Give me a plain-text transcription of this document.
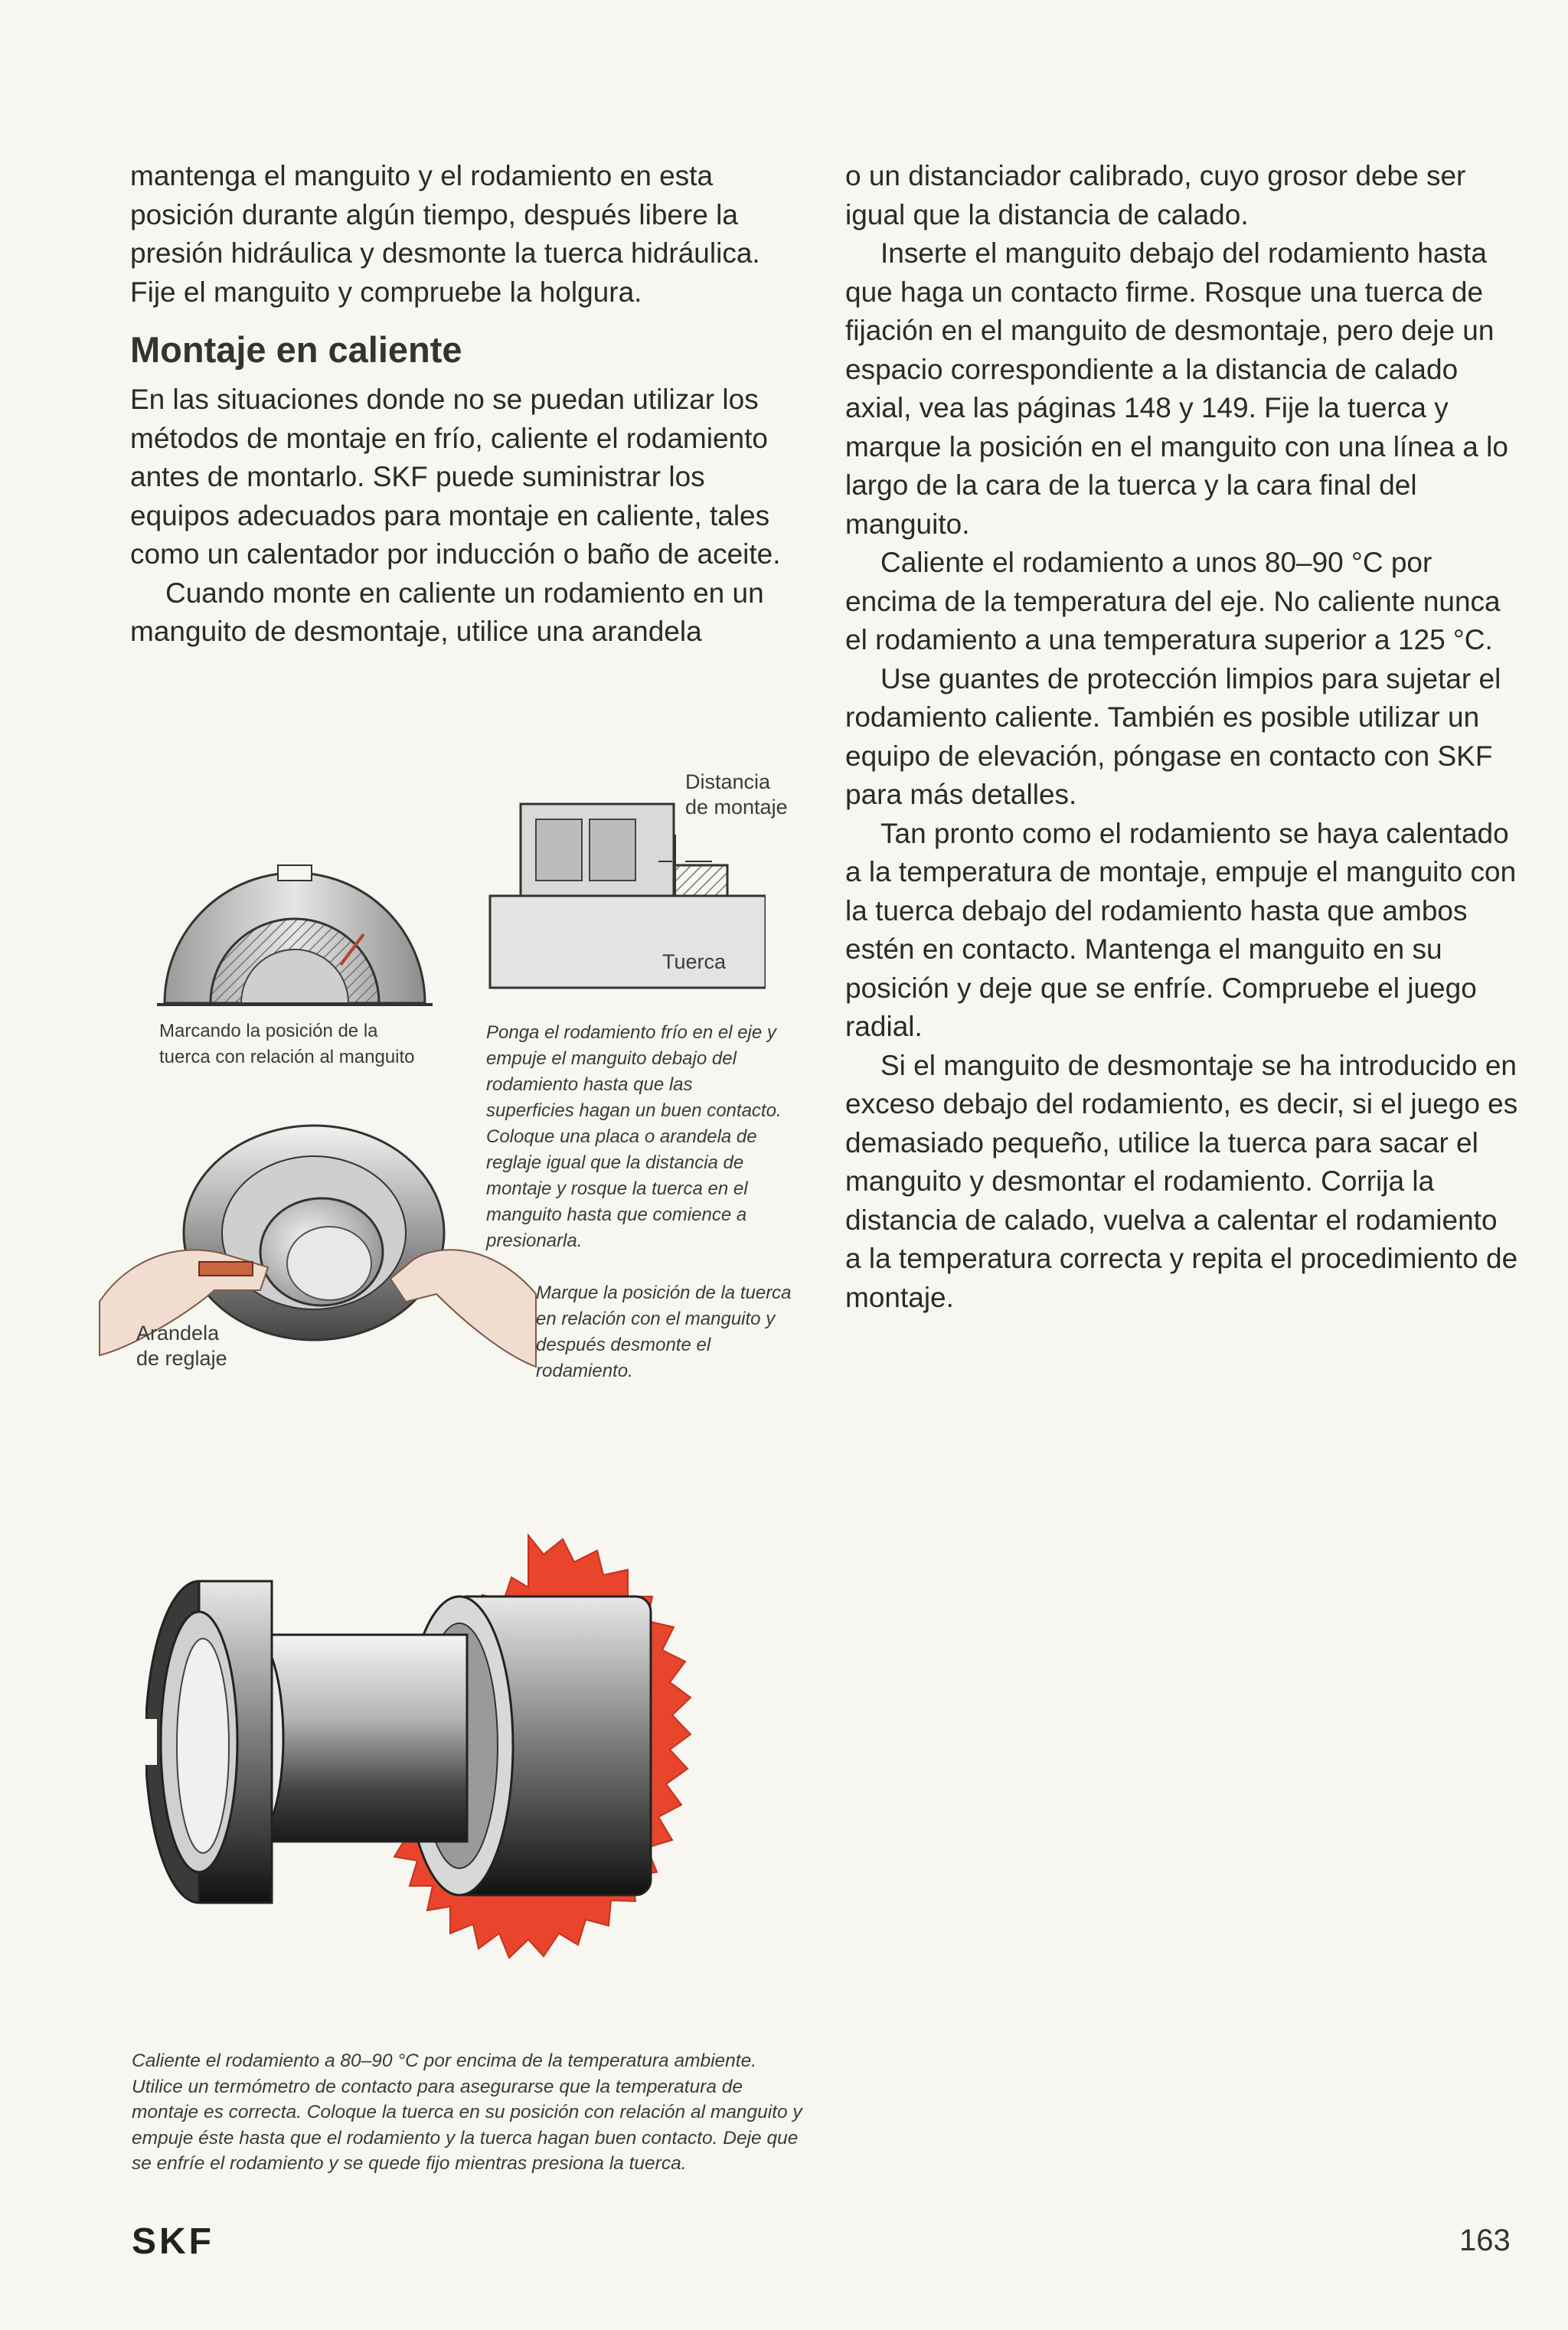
mantenga el manguito y el rodamiento en esta posición durante algún tiempo, después libere la presión hidráulica y desmonte la tuerca hidráulica. Fije el manguito y compruebe la holgura.

Montaje en caliente

En las situaciones donde no se puedan utilizar los métodos de montaje en frío, caliente el rodamiento antes de montarlo. SKF puede suministrar los equipos adecuados para montaje en caliente, tales como un calentador por inducción o baño de aceite.

Cuando monte en caliente un rodamiento en un manguito de desmontaje, utilice una arandela

o un distanciador calibrado, cuyo grosor debe ser igual que la distancia de calado.

Inserte el manguito debajo del rodamiento hasta que haga un contacto firme. Rosque una tuerca de fijación en el manguito de desmontaje, pero deje un espacio correspondiente a la distancia de calado axial, vea las páginas 148 y 149. Fije la tuerca y marque la posición en el manguito con una línea a lo largo de la cara de la tuerca y la cara final del manguito.

Caliente el rodamiento a unos 80–90 °C por encima de la temperatura del eje. No caliente nunca el rodamiento a una temperatura superior a 125 °C.

Use guantes de protección limpios para sujetar el rodamiento caliente. También es posible utilizar un equipo de elevación, póngase en contacto con SKF para más detalles.

Tan pronto como el rodamiento se haya calentado a la temperatura de montaje, empuje el manguito con la tuerca debajo del rodamiento hasta que ambos estén en contacto. Mantenga el manguito en su posición y deje que se enfríe. Compruebe el juego radial.

Si el manguito de desmontaje se ha introducido en exceso debajo del rodamiento, es decir, si el juego es demasiado pequeño, utilice la tuerca para sacar el manguito y desmontar el rodamiento. Corrija la distancia de calado, vuelva a calentar el rodamiento a la temperatura correcta y repita el procedimiento de montaje.

Distancia
de montaje
Tuerca

Marcando la posición de la tuerca con relación al manguito

Ponga el rodamiento frío en el eje y empuje el manguito debajo del rodamiento hasta que las superficies hagan un buen contacto. Coloque una placa o arandela de reglaje igual que la distancia de montaje y rosque la tuerca en el manguito hasta que comience a presionarla.

Marque la posición de la tuerca en relación con el manguito y después desmonte el rodamiento.

Arandela
de reglaje

Caliente el rodamiento a 80–90 °C por encima de la temperatura ambiente. Utilice un termómetro de contacto para asegurarse que la temperatura de montaje es correcta. Coloque la tuerca en su posición con relación al manguito y empuje éste hasta que el rodamiento y la tuerca hagan buen contacto. Deje que se enfríe el rodamiento y se quede fijo mientras presiona la tuerca.

SKF	163
